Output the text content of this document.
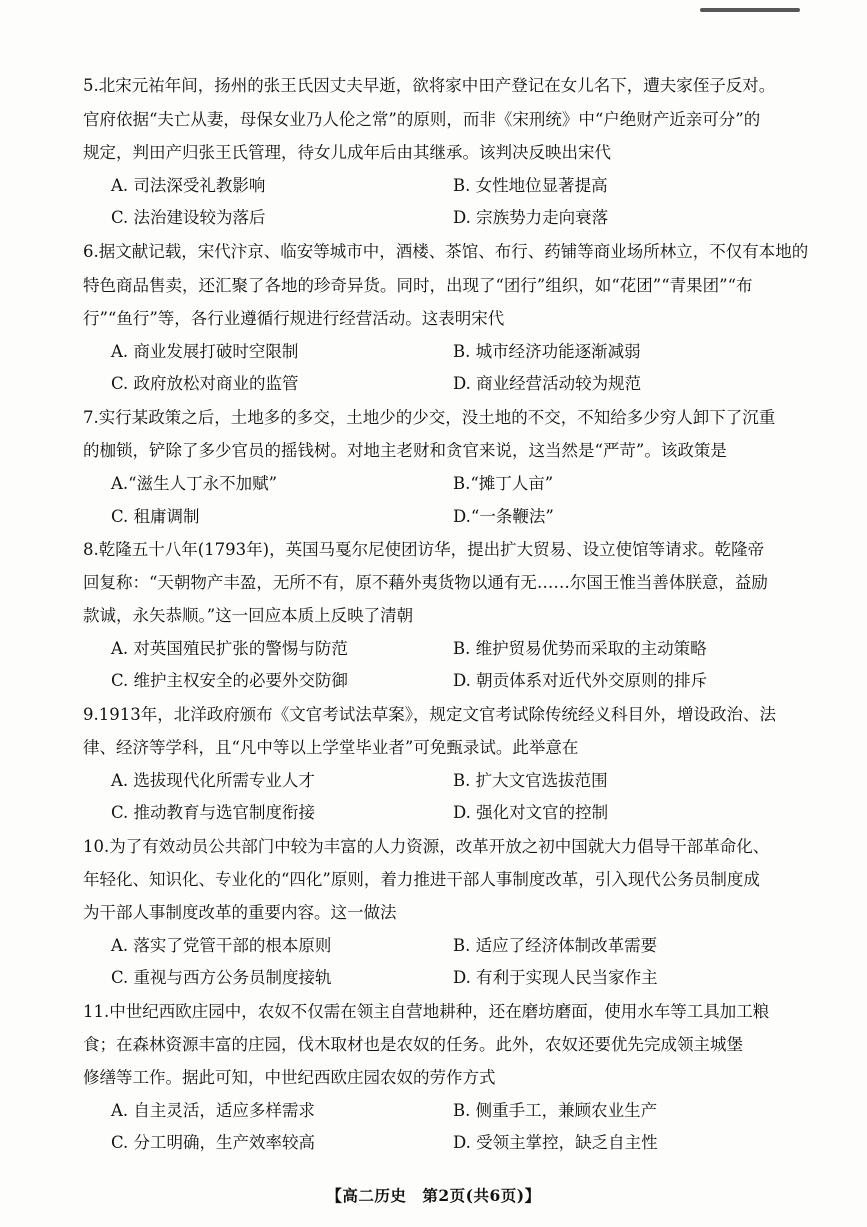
5.北宋元祐年间，扬州的张王氏因丈夫早逝，欲将家中田产登记在女儿名下，遭夫家侄子反对。
官府依据“夫亡从妻，母保女业乃人伦之常”的原则，而非《宋刑统》中“户绝财产近亲可分”的
规定，判田产归张王氏管理，待女儿成年后由其继承。该判决反映出宋代
A. 司法深受礼教影响	B. 女性地位显著提高
C. 法治建设较为落后	D. 宗族势力走向衰落
6.据文献记载，宋代汴京、临安等城市中，酒楼、茶馆、布行、药铺等商业场所林立，不仅有本地的
特色商品售卖，还汇聚了各地的珍奇异货。同时，出现了“团行”组织，如“花团”“青果团”“布
行”“鱼行”等，各行业遵循行规进行经营活动。这表明宋代
A. 商业发展打破时空限制	B. 城市经济功能逐渐减弱
C. 政府放松对商业的监管	D. 商业经营活动较为规范
7.实行某政策之后，土地多的多交，土地少的少交，没土地的不交，不知给多少穷人卸下了沉重
的枷锁，铲除了多少官员的摇钱树。对地主老财和贪官来说，这当然是“严苛”。该政策是
A.“滋生人丁永不加赋”	B.“摊丁人亩”
C. 租庸调制	D.“一条鞭法”
8.乾隆五十八年(1793年)，英国马戛尔尼使团访华，提出扩大贸易、设立使馆等请求。乾隆帝
回复称：“天朝物产丰盈，无所不有，原不藉外夷货物以通有无……尔国王惟当善体朕意，益励
款诚，永矢恭顺。”这一回应本质上反映了清朝
A. 对英国殖民扩张的警惕与防范	B. 维护贸易优势而采取的主动策略
C. 维护主权安全的必要外交防御	D. 朝贡体系对近代外交原则的排斥
9.1913年，北洋政府颁布《文官考试法草案》，规定文官考试除传统经义科目外，增设政治、法
律、经济等学科，且“凡中等以上学堂毕业者”可免甄录试。此举意在
A. 选拔现代化所需专业人才	B. 扩大文官选拔范围
C. 推动教育与选官制度衔接	D. 强化对文官的控制
10.为了有效动员公共部门中较为丰富的人力资源，改革开放之初中国就大力倡导干部革命化、
年轻化、知识化、专业化的“四化”原则，着力推进干部人事制度改革，引入现代公务员制度成
为干部人事制度改革的重要内容。这一做法
A. 落实了党管干部的根本原则	B. 适应了经济体制改革需要
C. 重视与西方公务员制度接轨	D. 有利于实现人民当家作主
11.中世纪西欧庄园中，农奴不仅需在领主自营地耕种，还在磨坊磨面，使用水车等工具加工粮
食；在森林资源丰富的庄园，伐木取材也是农奴的任务。此外，农奴还要优先完成领主城堡
修缮等工作。据此可知，中世纪西欧庄园农奴的劳作方式
A. 自主灵活，适应多样需求	B. 侧重手工，兼顾农业生产
C. 分工明确，生产效率较高	D. 受领主掌控，缺乏自主性
【高二历史　第2页(共6页)】
